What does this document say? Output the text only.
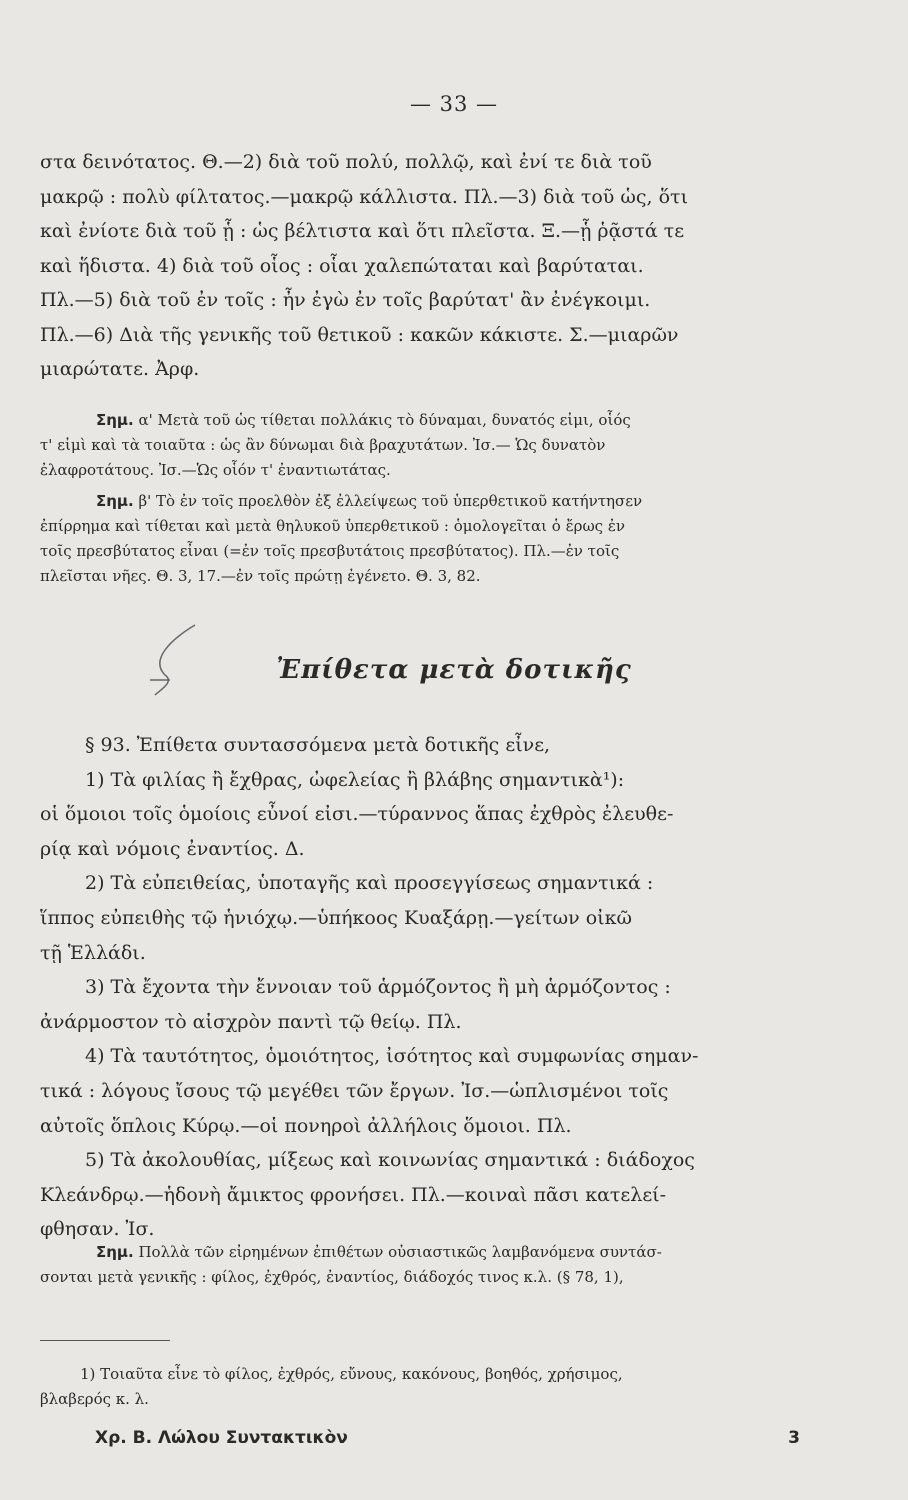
— 33 —
στα δεινότατος. Θ.—2) διὰ τοῦ πολύ, πολλῷ, καὶ ἐνί τε διὰ τοῦ
μακρῷ : πολὺ φίλτατος.—μακρῷ κάλλιστα. Πλ.—3) διὰ τοῦ ὡς, ὅτι
καὶ ἐνίοτε διὰ τοῦ ᾗ : ὡς βέλτιστα καὶ ὅτι πλεῖστα. Ξ.—ᾗ ῥᾷστά τε
καὶ ἥδιστα. 4) διὰ τοῦ οἷος : οἷαι χαλεπώταται καὶ βαρύταται.
Πλ.—5) διὰ τοῦ ἐν τοῖς : ἦν ἐγὼ ἐν τοῖς βαρύτατ' ἂν ἐνέγκοιμι.
Πλ.—6) Διὰ τῆς γενικῆς τοῦ θετικοῦ : κακῶν κάκιστε. Σ.—μιαρῶν
μιαρώτατε. Ἀρφ.
Σημ. α' Μετὰ τοῦ ὡς τίθεται πολλάκις τὸ δύναμαι, δυνατός εἰμι, οἷός
τ' εἰμὶ καὶ τὰ τοιαῦτα : ὡς ἂν δύνωμαι διὰ βραχυτάτων. Ἰσ.— Ὡς δυνατὸν
ἐλαφροτάτους. Ἰσ.—Ὡς οἷόν τ' ἐναντιωτάτας.
Σημ. β' Τὸ ἐν τοῖς προελθὸν ἐξ ἐλλείψεως τοῦ ὑπερθετικοῦ κατήντησεν
ἐπίρρημα καὶ τίθεται καὶ μετὰ θηλυκοῦ ὑπερθετικοῦ : ὁμολογεῖται ὁ ἔρως ἐν
τοῖς πρεσβύτατος εἶναι (=ἐν τοῖς πρεσβυτάτοις πρεσβύτατος). Πλ.—ἐν τοῖς
πλεῖσται νῆες. Θ. 3, 17.—ἐν τοῖς πρώτῃ ἐγένετο. Θ. 3, 82.
Ἐπίθετα μετὰ δοτικῆς
§ 93. Ἐπίθετα συντασσόμενα μετὰ δοτικῆς εἶνε,
1) Τὰ φιλίας ἢ ἔχθρας, ὠφελείας ἢ βλάβης σημαντικὰ¹):
οἱ ὅμοιοι τοῖς ὁμοίοις εὖνοί εἰσι.—τύραννος ἅπας ἐχθρὸς ἐλευθε-
ρίᾳ καὶ νόμοις ἐναντίος. Δ.
2) Τὰ εὐπειθείας, ὑποταγῆς καὶ προσεγγίσεως σημαντικά :
ἵππος εὐπειθὴς τῷ ἡνιόχῳ.—ὑπήκοος Κυαξάρῃ.—γείτων οἰκῶ
τῇ Ἑλλάδι.
3) Τὰ ἔχοντα τὴν ἔννοιαν τοῦ ἁρμόζοντος ἢ μὴ ἁρμόζοντος :
ἀνάρμοστον τὸ αἰσχρὸν παντὶ τῷ θείῳ. Πλ.
4) Τὰ ταυτότητος, ὁμοιότητος, ἰσότητος καὶ συμφωνίας σημαν-
τικά : λόγους ἴσους τῷ μεγέθει τῶν ἔργων. Ἰσ.—ὡπλισμένοι τοῖς
αὐτοῖς ὅπλοις Κύρῳ.—οἱ πονηροὶ ἀλλήλοις ὅμοιοι. Πλ.
5) Τὰ ἀκολουθίας, μίξεως καὶ κοινωνίας σημαντικά : διάδοχος
Κλεάνδρῳ.—ἡδονὴ ἄμικτος φρονήσει. Πλ.—κοιναὶ πᾶσι κατελεί-
φθησαν. Ἰσ.
Σημ. Πολλὰ τῶν εἰρημένων ἐπιθέτων οὐσιαστικῶς λαμβανόμενα συντάσ-
σονται μετὰ γενικῆς : φίλος, ἐχθρός, ἐναντίος, διάδοχός τινος κ.λ. (§ 78, 1),
1) Τοιαῦτα εἶνε τὸ φίλος, ἐχθρός, εὔνους, κακόνους, βοηθός, χρήσιμος,
βλαβερός κ. λ.
Χρ. Β. Λώλου Συντακτικὸν	3
